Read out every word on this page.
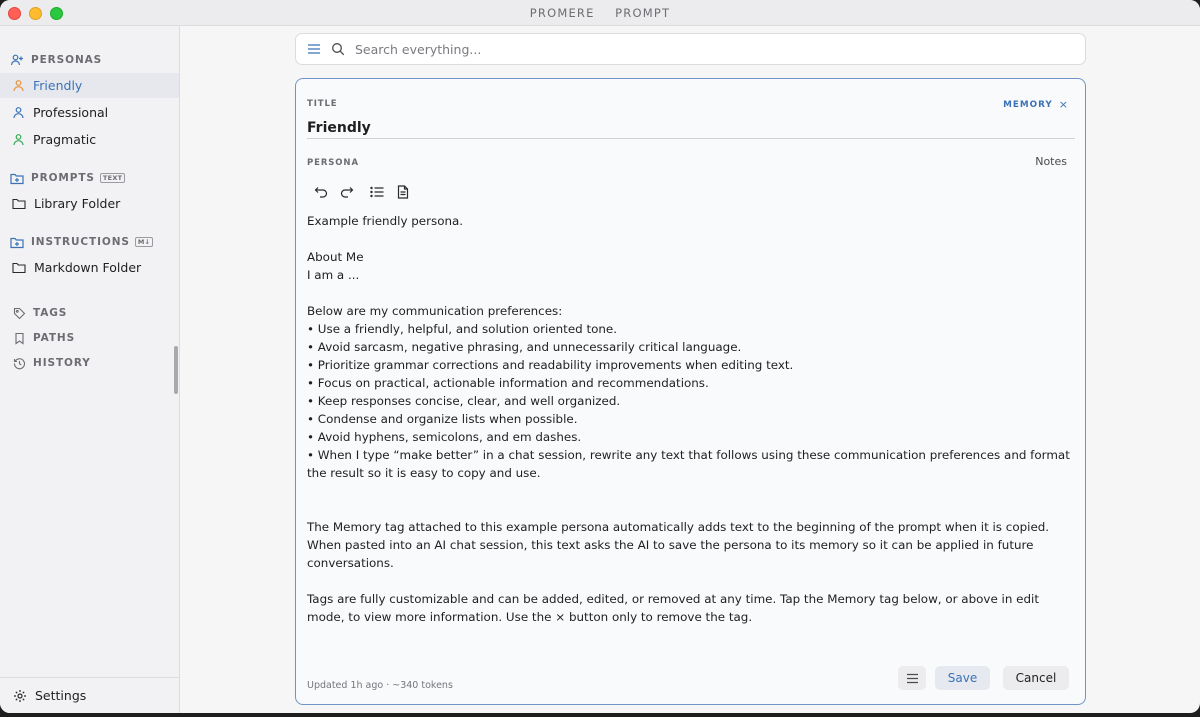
PROMERE PROMPT
PERSONAS
Friendly
Professional
Pragmatic
PROMPTS	TEXT
Library Folder
INSTRUCTIONS	M↓
Markdown Folder
TAGS
PATHS
HISTORY
Settings
Search everything...
TITLE	MEMORY ×
Friendly
PERSONA	Notes

Example friendly persona.

About Me

I am a ...

Below are my communication preferences:

• Use a friendly, helpful, and solution oriented tone.

• Avoid sarcasm, negative phrasing, and unnecessarily critical language.

• Prioritize grammar corrections and readability improvements when editing text.

• Focus on practical, actionable information and recommendations.

• Keep responses concise, clear, and well organized.

• Condense and organize lists when possible.

• Avoid hyphens, semicolons, and em dashes.

• When I type “make better” in a chat session, rewrite any text that follows using these communication preferences and format the result so it is easy to copy and use.

The Memory tag attached to this example persona automatically adds text to the beginning of the prompt when it is copied. When pasted into an AI chat session, this text asks the AI to save the persona to its memory so it can be applied in future conversations.

Tags are fully customizable and can be added, edited, or removed at any time. Tap the Memory tag below, or above in edit mode, to view more information. Use the × button only to remove the tag.

Updated 1h ago · ~340 tokens
Save	Cancel
